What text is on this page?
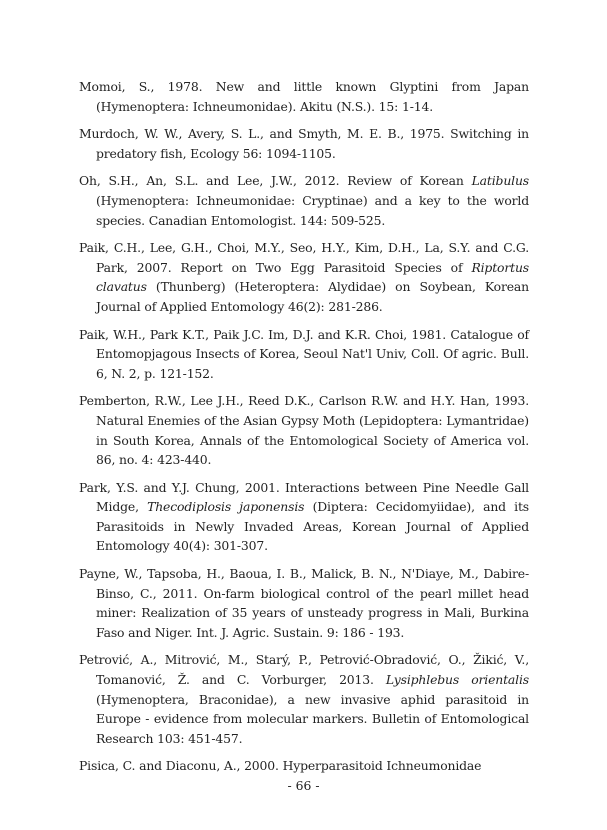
Momoi, S., 1978. New and little known Glyptini from Japan (Hymenoptera: Ichneumonidae). Akitu (N.S.). 15: 1-14.

Murdoch, W. W., Avery, S. L., and Smyth, M. E. B., 1975. Switching in predatory fish, Ecology 56: 1094-1105.

Oh, S.H., An, S.L. and Lee, J.W., 2012. Review of Korean Latibulus (Hymenoptera: Ichneumonidae: Cryptinae) and a key to the world species. Canadian Entomologist. 144: 509-525.

Paik, C.H., Lee, G.H., Choi, M.Y., Seo, H.Y., Kim, D.H., La, S.Y. and C.G. Park, 2007. Report on Two Egg Parasitoid Species of Riptortus clavatus (Thunberg) (Heteroptera: Alydidae) on Soybean, Korean Journal of Applied Entomology 46(2): 281-286.

Paik, W.H., Park K.T., Paik J.C. Im, D.J. and K.R. Choi, 1981. Catalogue of Entomopjagous Insects of Korea, Seoul Nat'l Univ, Coll. Of agric. Bull. 6, N. 2, p. 121-152.

Pemberton, R.W., Lee J.H., Reed D.K., Carlson R.W. and H.Y. Han, 1993. Natural Enemies of the Asian Gypsy Moth (Lepidoptera: Lymantridae) in South Korea, Annals of the Entomological Society of America vol. 86, no. 4: 423-440.

Park, Y.S. and Y.J. Chung, 2001. Interactions between Pine Needle Gall Midge, Thecodiplosis japonensis (Diptera: Cecidomyiidae), and its Parasitoids in Newly Invaded Areas, Korean Journal of Applied Entomology 40(4): 301-307.

Payne, W., Tapsoba, H., Baoua, I. B., Malick, B. N., N'Diaye, M., Dabire-Binso, C., 2011. On-farm biological control of the pearl millet head miner: Realization of 35 years of unsteady progress in Mali, Burkina Faso and Niger. Int. J. Agric. Sustain. 9: 186 - 193.

Petrović, A., Mitrović, M., Starý, P., Petrović-Obradović, O., Žikić, V., Tomanović, Ž. and C. Vorburger, 2013. Lysiphlebus orientalis (Hymenoptera, Braconidae), a new invasive aphid parasitoid in Europe - evidence from molecular markers. Bulletin of Entomological Research 103: 451-457.

Pisica, C. and Diaconu, A., 2000. Hyperparasitoid Ichneumonidae

- 66 -
